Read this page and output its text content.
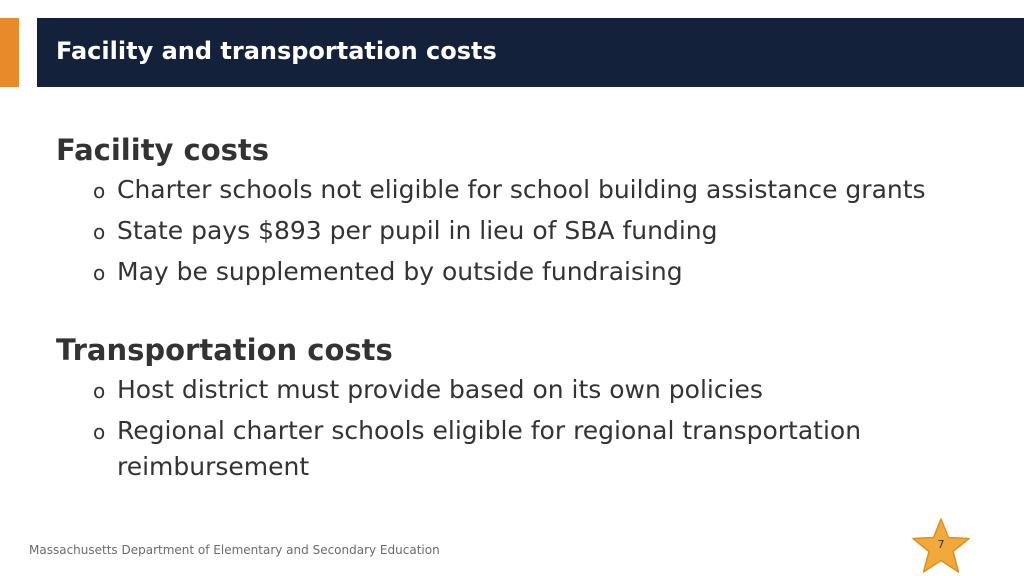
Facility and transportation costs
Facility costs
o Charter schools not eligible for school building assistance grants
o State pays $893 per pupil in lieu of SBA funding
o May be supplemented by outside fundraising
Transportation costs
o Host district must provide based on its own policies
o Regional charter schools eligible for regional transportation reimbursement
Massachusetts Department of Elementary and Secondary Education	7
